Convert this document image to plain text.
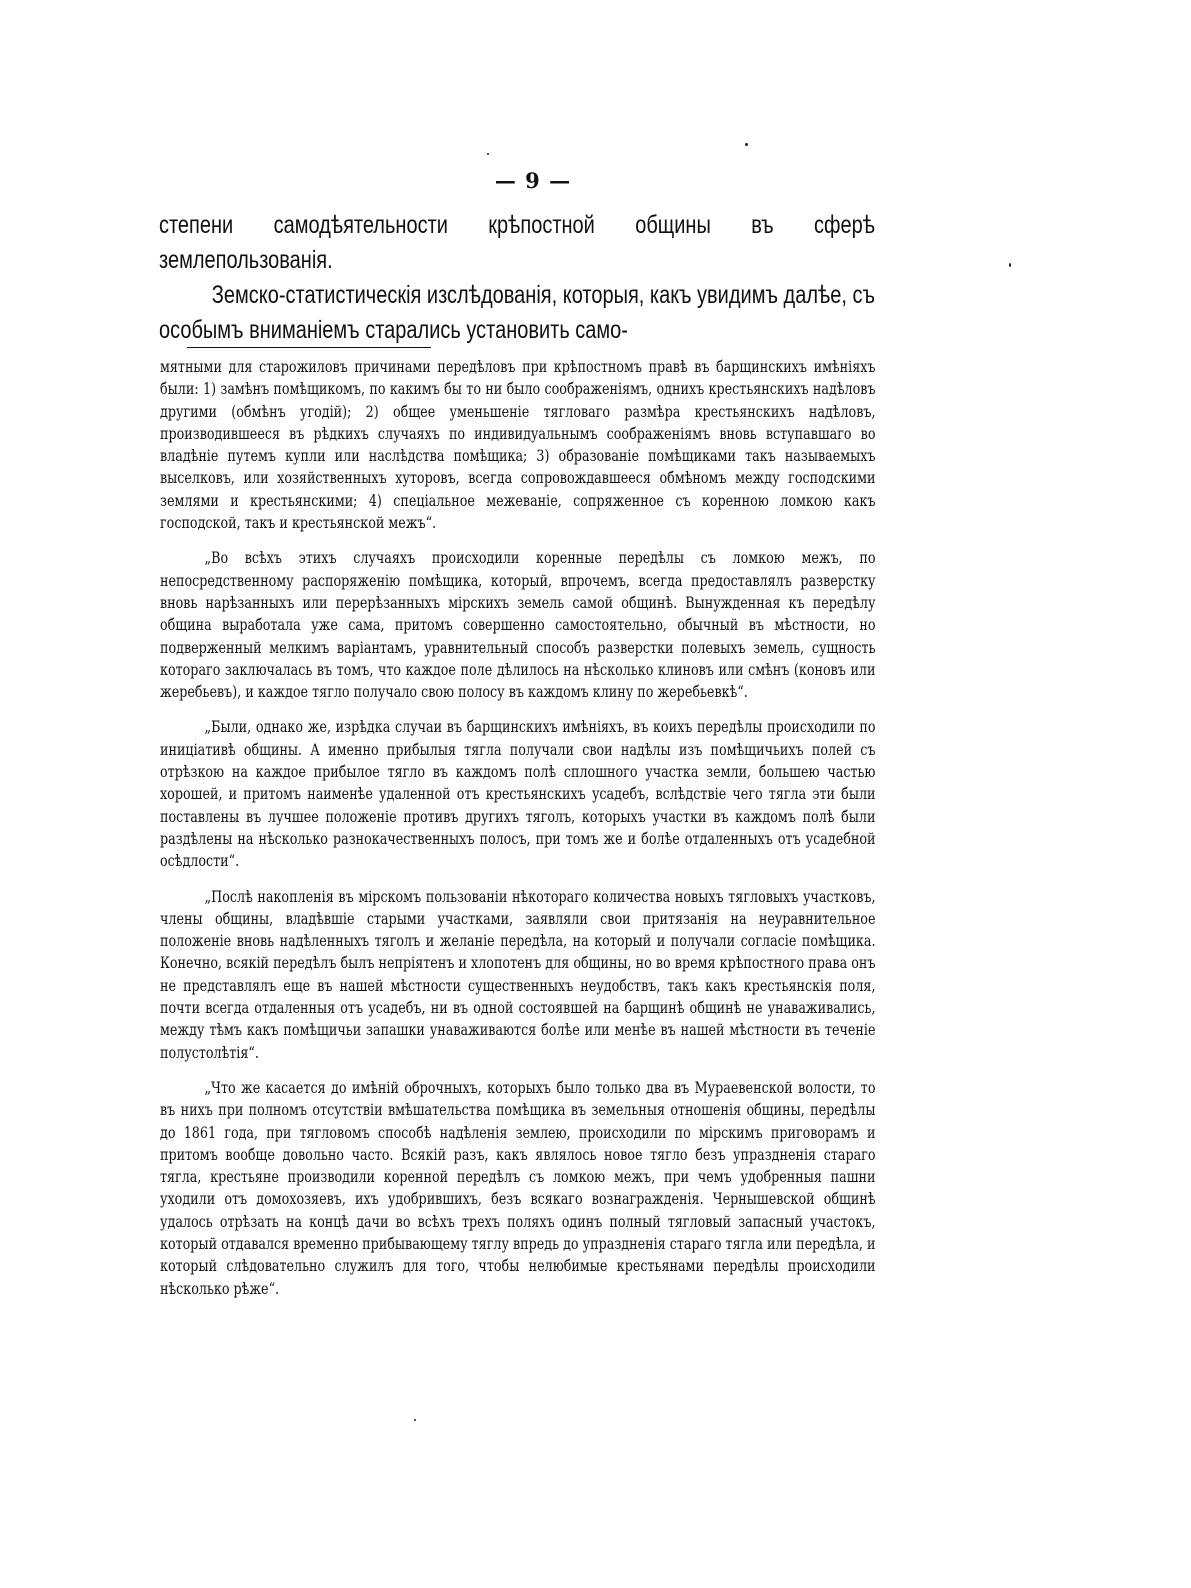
— 9 —

степени самодѣятельности крѣпостной общины въ сферѣ землепользованія.

Земско-статистическія изслѣдованія, которыя, какъ увидимъ далѣе, съ особымъ вниманіемъ старались установить само-

мятными для старожиловъ причинами передѣловъ при крѣпостномъ правѣ въ барщинскихъ имѣніяхъ были: 1) замѣнъ помѣщикомъ, по какимъ бы то ни было соображеніямъ, однихъ крестьянскихъ надѣловъ другими (обмѣнъ угодій); 2) общее уменьшеніе тягловаго размѣра крестьянскихъ надѣловъ, производившееся въ рѣдкихъ случаяхъ по индивидуальнымъ соображеніямъ вновь вступавшаго во владѣніе путемъ купли или наслѣдства помѣщика; 3) образованіе помѣщиками такъ называемыхъ выселковъ, или хозяйственныхъ хуторовъ, всегда сопровождавшееся обмѣномъ между господскими землями и крестьянскими; 4) спеціальное межеваніе, сопряженное съ коренною ломкою какъ господской, такъ и крестьянской межъ“.

„Во всѣхъ этихъ случаяхъ происходили коренные передѣлы съ ломкою межъ, по непосредственному распоряженію помѣщика, который, впрочемъ, всегда предоставлялъ разверстку вновь нарѣзанныхъ или перерѣзанныхъ мірскихъ земель самой общинѣ. Вынужденная къ передѣлу община выработала уже сама, притомъ совершенно самостоятельно, обычный въ мѣстности, но подверженный мелкимъ варіантамъ, уравнительный способъ разверстки полевыхъ земель, сущность котораго заключалась въ томъ, что каждое поле дѣлилось на нѣсколько клиновъ или смѣнъ (коновъ или жеребьевъ), и каждое тягло получало свою полосу въ каждомъ клину по жеребьевкѣ“.

„Были, однако же, изрѣдка случаи въ барщинскихъ имѣніяхъ, въ коихъ передѣлы происходили по иниціативѣ общины. А именно прибылыя тягла получали свои надѣлы изъ помѣщичьихъ полей съ отрѣзкою на каждое прибылое тягло въ каждомъ полѣ сплошного участка земли, большею частью хорошей, и притомъ наименѣе удаленной отъ крестьянскихъ усадебъ, вслѣдствіе чего тягла эти были поставлены въ лучшее положеніе противъ другихъ тяголъ, которыхъ участки въ каждомъ полѣ были раздѣлены на нѣсколько разнокачественныхъ полосъ, при томъ же и болѣе отдаленныхъ отъ усадебной осѣдлости“.

„Послѣ накопленія въ мірскомъ пользованіи нѣкотораго количества новыхъ тягловыхъ участковъ, члены общины, владѣвшіе старыми участками, заявляли свои притязанія на неуравнительное положеніе вновь надѣленныхъ тяголъ и желаніе передѣла, на который и получали согласіе помѣщика. Конечно, всякій передѣлъ былъ непріятенъ и хлопотенъ для общины, но во время крѣпостного права онъ не представлялъ еще въ нашей мѣстности существенныхъ неудобствъ, такъ какъ крестьянскія поля, почти всегда отдаленныя отъ усадебъ, ни въ одной состоявшей на барщинѣ общинѣ не унаваживались, между тѣмъ какъ помѣщичьи запашки унаваживаются болѣе или менѣе въ нашей мѣстности въ теченіе полустолѣтія“.

„Что же касается до имѣній оброчныхъ, которыхъ было только два въ Мураевенской волости, то въ нихъ при полномъ отсутствіи вмѣшательства помѣщика въ земельныя отношенія общины, передѣлы до 1861 года, при тягловомъ способѣ надѣленія землею, происходили по мірскимъ приговорамъ и притомъ вообще довольно часто. Всякій разъ, какъ являлось новое тягло безъ упраздненія стараго тягла, крестьяне производили коренной передѣлъ съ ломкою межъ, при чемъ удобренныя пашни уходили отъ домохозяевъ, ихъ удобрившихъ, безъ всякаго вознагражденія. Чернышевской общинѣ удалось отрѣзать на концѣ дачи во всѣхъ трехъ поляхъ одинъ полный тягловый запасный участокъ, который отдавался временно прибывающему тяглу впредь до упраздненія стараго тягла или передѣла, и который слѣдовательно служилъ для того, чтобы нелюбимые крестьянами передѣлы происходили нѣсколько рѣже“.
